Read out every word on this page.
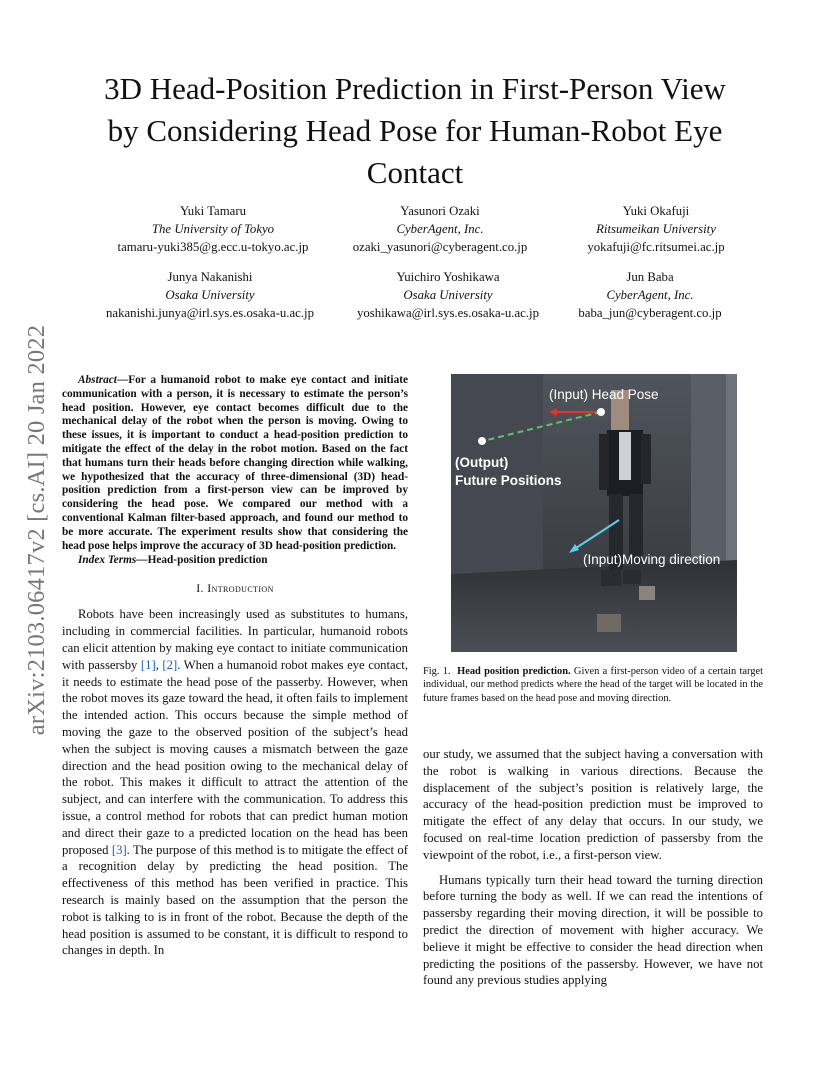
arXiv:2103.06417v2 [cs.AI] 20 Jan 2022
3D Head-Position Prediction in First-Person View
by Considering Head Pose for Human-Robot Eye
Contact
Yuki Tamaru
The University of Tokyo
tamaru-yuki385@g.ecc.u-tokyo.ac.jp
Yasunori Ozaki
CyberAgent, Inc.
ozaki_yasunori@cyberagent.co.jp
Yuki Okafuji
Ritsumeikan University
yokafuji@fc.ritsumei.ac.jp
Junya Nakanishi
Osaka University
nakanishi.junya@irl.sys.es.osaka-u.ac.jp
Yuichiro Yoshikawa
Osaka University
yoshikawa@irl.sys.es.osaka-u.ac.jp
Jun Baba
CyberAgent, Inc.
baba_jun@cyberagent.co.jp

Abstract—For a humanoid robot to make eye contact and initiate communication with a person, it is necessary to estimate the person’s head position. However, eye contact becomes difficult due to the mechanical delay of the robot when the person is moving. Owing to these issues, it is important to conduct a head-position prediction to mitigate the effect of the delay in the robot motion. Based on the fact that humans turn their heads before changing direction while walking, we hypothesized that the accuracy of three-dimensional (3D) head-position prediction from a first-person view can be improved by considering the head pose. We compared our method with a conventional Kalman filter-based approach, and found our method to be more accurate. The experiment results show that considering the head pose helps improve the accuracy of 3D head-position prediction.

Index Terms—Head-position prediction

I. Introduction

Robots have been increasingly used as substitutes to humans, including in commercial facilities. In particular, humanoid robots can elicit attention by making eye contact to initiate communication with passersby [1], [2]. When a humanoid robot makes eye contact, it needs to estimate the head pose of the passerby. However, when the robot moves its gaze toward the head, it often fails to implement the intended action. This occurs because the simple method of moving the gaze to the observed position of the subject’s head when the subject is moving causes a mismatch between the gaze direction and the head position owing to the mechanical delay of the robot. This makes it difficult to attract the attention of the subject, and can interfere with the communication. To address this issue, a control method for robots that can predict human motion and direct their gaze to a predicted location on the head has been proposed [3]. The purpose of this method is to mitigate the effect of a recognition delay by predicting the head position. The effectiveness of this method has been verified in practice. This research is mainly based on the assumption that the person the robot is talking to is in front of the robot. Because the depth of the head position is assumed to be constant, it is difficult to respond to changes in depth. In

(Input) Head Pose
(Output)
Future Positions
(Input)Moving direction

Fig. 1. Head position prediction. Given a first-person video of a certain target individual, our method predicts where the head of the target will be located in the future frames based on the head pose and moving direction.

our study, we assumed that the subject having a conversation with the robot is walking in various directions. Because the displacement of the subject’s position is relatively large, the accuracy of the head-position prediction must be improved to mitigate the effect of any delay that occurs. In our study, we focused on real-time location prediction of passersby from the viewpoint of the robot, i.e., a first-person view.

Humans typically turn their head toward the turning direction before turning the body as well. If we can read the intentions of passersby regarding their moving direction, it will be possible to predict the direction of movement with higher accuracy. We believe it might be effective to consider the head direction when predicting the positions of the passersby. However, we have not found any previous studies applying
